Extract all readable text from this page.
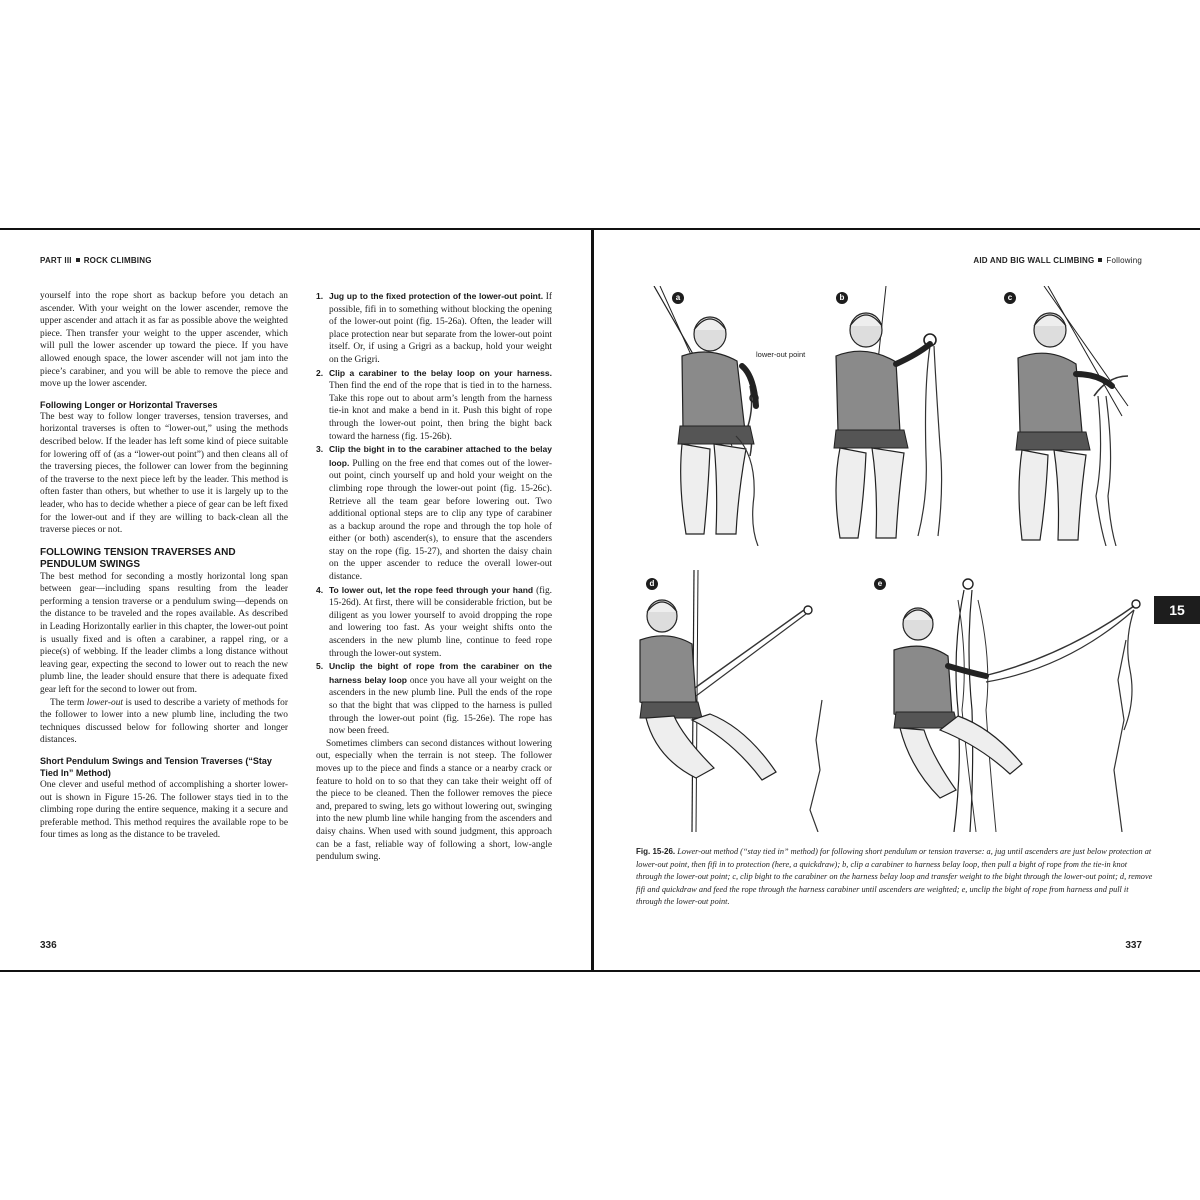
PART III ROCK CLIMBING

yourself into the rope short as backup before you detach an ascender. With your weight on the lower ascender, remove the upper ascender and attach it as far as possible above the weighted piece. Then transfer your weight to the upper ascender, which will pull the lower ascender up toward the piece. If you have allowed enough space, the lower ascender will not jam into the piece’s carabiner, and you will be able to remove the piece and move up the lower ascender.

Following Longer or Horizontal Traverses

The best way to follow longer traverses, tension traverses, and horizontal traverses is often to “lower-out,” using the methods described below. If the leader has left some kind of piece suitable for lowering off of (as a “lower-out point”) and then cleans all of the traversing pieces, the follower can lower from the beginning of the traverse to the next piece left by the leader. This method is often faster than others, but whether to use it is largely up to the leader, who has to decide whether a piece of gear can be left fixed for the lower-out and if they are willing to back-clean all the traverse pieces or not.

FOLLOWING TENSION TRAVERSES AND PENDULUM SWINGS

The best method for seconding a mostly horizontal long span between gear—including spans resulting from the leader performing a tension traverse or a pendulum swing—depends on the distance to be traveled and the ropes available. As described in Leading Horizontally earlier in this chapter, the lower-out point is usually fixed and is often a carabiner, a rappel ring, or a piece(s) of webbing. If the leader climbs a long distance without leaving gear, expecting the second to lower out to reach the new plumb line, the leader should ensure that there is adequate fixed gear left for the second to lower out from.

The term lower-out is used to describe a variety of methods for the follower to lower into a new plumb line, including the two techniques discussed below for following shorter and longer distances.

Short Pendulum Swings and Tension Traverses (“Stay Tied In” Method)

One clever and useful method of accomplishing a shorter lower-out is shown in Figure 15-26. The follower stays tied in to the climbing rope during the entire sequence, making it a secure and preferable method. This method requires the available rope to be four times as long as the distance to be traveled.

1. Jug up to the fixed protection of the lower-out point. If possible, fifi in to something without blocking the opening of the lower-out point (fig. 15-26a). Often, the leader will place protection near but separate from the lower-out point itself. Or, if using a Grigri as a backup, hold your weight on the Grigri.
2. Clip a carabiner to the belay loop on your harness. Then find the end of the rope that is tied in to the harness. Take this rope out to about arm’s length from the harness tie-in knot and make a bend in it. Push this bight of rope through the lower-out point, then bring the bight back toward the harness (fig. 15-26b).
3. Clip the bight in to the carabiner attached to the belay loop. Pulling on the free end that comes out of the lower-out point, cinch yourself up and hold your weight on the climbing rope through the lower-out point (fig. 15-26c). Retrieve all the team gear before lowering out. Two additional optional steps are to clip any type of carabiner as a backup around the rope and through the top hole of either (or both) ascender(s), to ensure that the ascenders stay on the rope (fig. 15-27), and shorten the daisy chain on the upper ascender to reduce the overall lower-out distance.
4. To lower out, let the rope feed through your hand (fig. 15-26d). At first, there will be considerable friction, but be diligent as you lower yourself to avoid dropping the rope and lowering too fast. As your weight shifts onto the ascenders in the new plumb line, continue to feed rope through the lower-out system.
5. Unclip the bight of rope from the carabiner on the harness belay loop once you have all your weight on the ascenders in the new plumb line. Pull the ends of the rope so that the bight that was clipped to the harness is pulled through the lower-out point (fig. 15-26e). The rope has now been freed.

Sometimes climbers can second distances without lowering out, especially when the terrain is not steep. The follower moves up to the piece and finds a stance or a nearby crack or feature to hold on to so that they can take their weight off of the piece to be cleaned. Then the follower removes the piece and, prepared to swing, lets go without lowering out, swinging into the new plumb line while hanging from the ascenders and daisy chains. When used with sound judgment, this approach can be a fast, reliable way of following a short, low-angle pendulum swing.

336
AID AND BIG WALL CLIMBING Following
337
15
a
lower-out point
b	c
d	e
Fig. 15-26. Lower-out method (“stay tied in” method) for following short pendulum or tension traverse: a, jug until ascenders are just below protection at lower-out point, then fifi in to protection (here, a quickdraw); b, clip a carabiner to harness belay loop, then pull a bight of rope from the tie-in knot through the lower-out point; c, clip bight to the carabiner on the harness belay loop and transfer weight to the bight through the lower-out point; d, remove fifi and quickdraw and feed the rope through the harness carabiner until ascenders are weighted; e, unclip the bight of rope from harness and pull it through the lower-out point.
